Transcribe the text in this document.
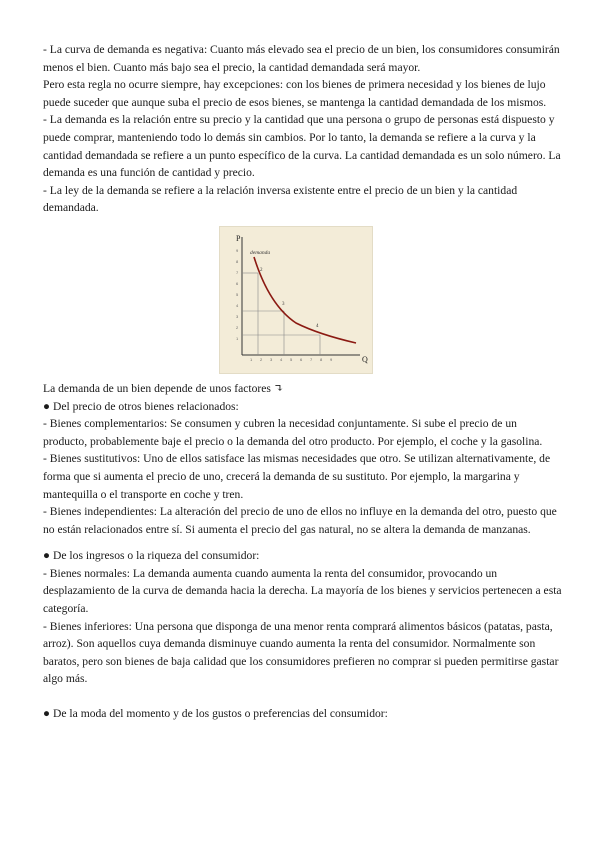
- La curva de demanda es negativa: Cuanto más elevado sea el precio de un bien, los consumidores consumirán menos el bien. Cuanto más bajo sea el precio, la cantidad demandada será mayor.

Pero esta regla no ocurre siempre, hay excepciones: con los bienes de primera necesidad y los bienes de lujo puede suceder que aunque suba el precio de esos bienes, se mantenga la cantidad demandada de los mismos.

- La demanda es la relación entre su precio y la cantidad que una persona o grupo de personas está dispuesto y puede comprar, manteniendo todo lo demás sin cambios. Por lo tanto, la demanda se refiere a la curva y la cantidad demandada se refiere a un punto específico de la curva. La cantidad demandada es un solo número. La demanda es una función de cantidad y precio.

- La ley de la demanda se refiere a la relación inversa existente entre el precio de un bien y la cantidad demandada.

P
Q
9
8
7
6
5
4
3
2
1
1 2 3 4 5 6 7 8 9
demanda
2
3
4

La demanda de un bien depende de unos factores ↴

● Del precio de otros bienes relacionados:

- Bienes complementarios: Se consumen y cubren la necesidad conjuntamente. Si sube el precio de un producto, probablemente baje el precio o la demanda del otro producto. Por ejemplo, el coche y la gasolina.

- Bienes sustitutivos: Uno de ellos satisface las mismas necesidades que otro. Se utilizan alternativamente, de forma que si aumenta el precio de uno, crecerá la demanda de su sustituto. Por ejemplo, la margarina y mantequilla o el transporte en coche y tren.

- Bienes independientes: La alteración del precio de uno de ellos no influye en la demanda del otro, puesto que no están relacionados entre sí. Si aumenta el precio del gas natural, no se altera la demanda de manzanas.

● De los ingresos o la riqueza del consumidor:

- Bienes normales: La demanda aumenta cuando aumenta la renta del consumidor, provocando un desplazamiento de la curva de demanda hacia la derecha. La mayoría de los bienes y servicios pertenecen a esta categoría.

- Bienes inferiores: Una persona que disponga de una menor renta comprará alimentos básicos (patatas, pasta, arroz). Son aquellos cuya demanda disminuye cuando aumenta la renta del consumidor. Normalmente son baratos, pero son bienes de baja calidad que los consumidores prefieren no comprar si pueden permitirse gastar algo más.

● De la moda del momento y de los gustos o preferencias del consumidor:
